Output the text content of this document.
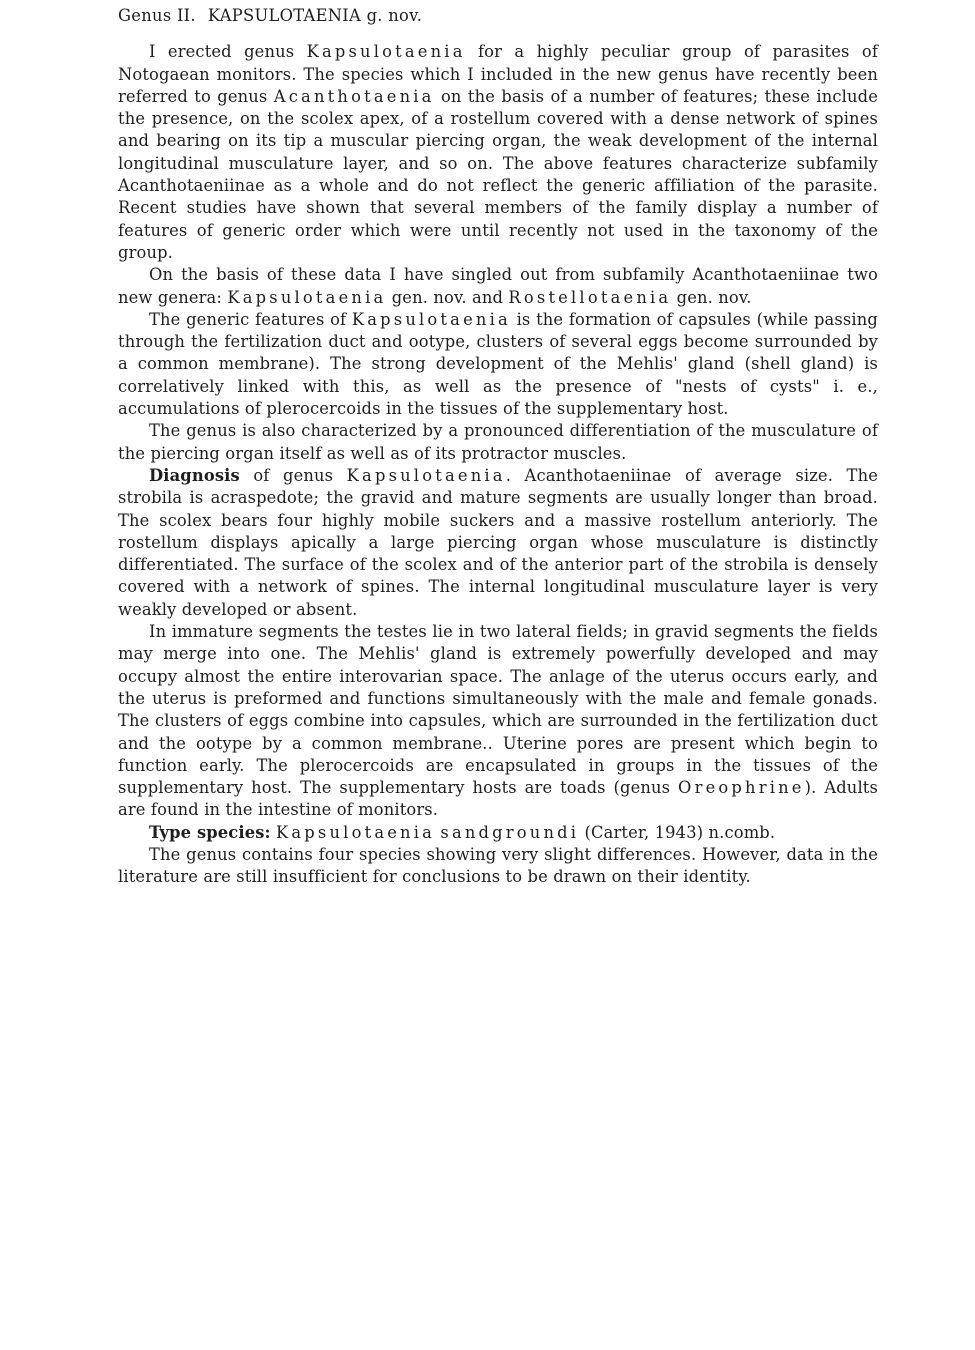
Genus II. KAPSULOTAENIA g. nov.

I erected genus Kapsulotaenia for a highly peculiar group of parasites of Notogaean monitors. The species which I included in the new genus have recently been referred to genus Acanthotaenia on the basis of a number of features; these include the presence, on the scolex apex, of a rostellum covered with a dense network of spines and bearing on its tip a muscular piercing organ, the weak development of the internal longitudinal musculature layer, and so on. The above features characterize subfamily Acanthotaeniinae as a whole and do not reflect the generic affiliation of the parasite. Recent studies have shown that several members of the family display a number of features of generic order which were until recently not used in the taxonomy of the group.

On the basis of these data I have singled out from subfamily Acanthotaeniinae two new genera: Kapsulotaenia gen. nov. and Rostellotaenia gen. nov.

The generic features of Kapsulotaenia is the formation of capsules (while passing through the fertilization duct and ootype, clusters of several eggs become surrounded by a common membrane). The strong development of the Mehlis' gland (shell gland) is correlatively linked with this, as well as the presence of "nests of cysts" i. e., accumulations of plerocercoids in the tissues of the supplementary host.

The genus is also characterized by a pronounced differentiation of the musculature of the piercing organ itself as well as of its protractor muscles.

Diagnosis of genus Kapsulotaenia. Acanthotaeniinae of average size. The strobila is acraspedote; the gravid and mature segments are usually longer than broad. The scolex bears four highly mobile suckers and a massive rostellum anteriorly. The rostellum displays apically a large piercing organ whose musculature is distinctly differentiated. The surface of the scolex and of the anterior part of the strobila is densely covered with a network of spines. The internal longitudinal musculature layer is very weakly developed or absent.

In immature segments the testes lie in two lateral fields; in gravid segments the fields may merge into one. The Mehlis' gland is extremely powerfully developed and may occupy almost the entire interovarian space. The anlage of the uterus occurs early, and the uterus is preformed and functions simultaneously with the male and female gonads. The clusters of eggs combine into capsules, which are surrounded in the fertilization duct and the ootype by a common membrane.. Uterine pores are present which begin to function early. The plerocercoids are encapsulated in groups in the tissues of the supplementary host. The supplementary hosts are toads (genus Oreophrine). Adults are found in the intestine of monitors.

Type species: Kapsulotaenia sandgroundi (Carter, 1943) n.comb.

The genus contains four species showing very slight differences. However, data in the literature are still insufficient for conclusions to be drawn on their identity.
